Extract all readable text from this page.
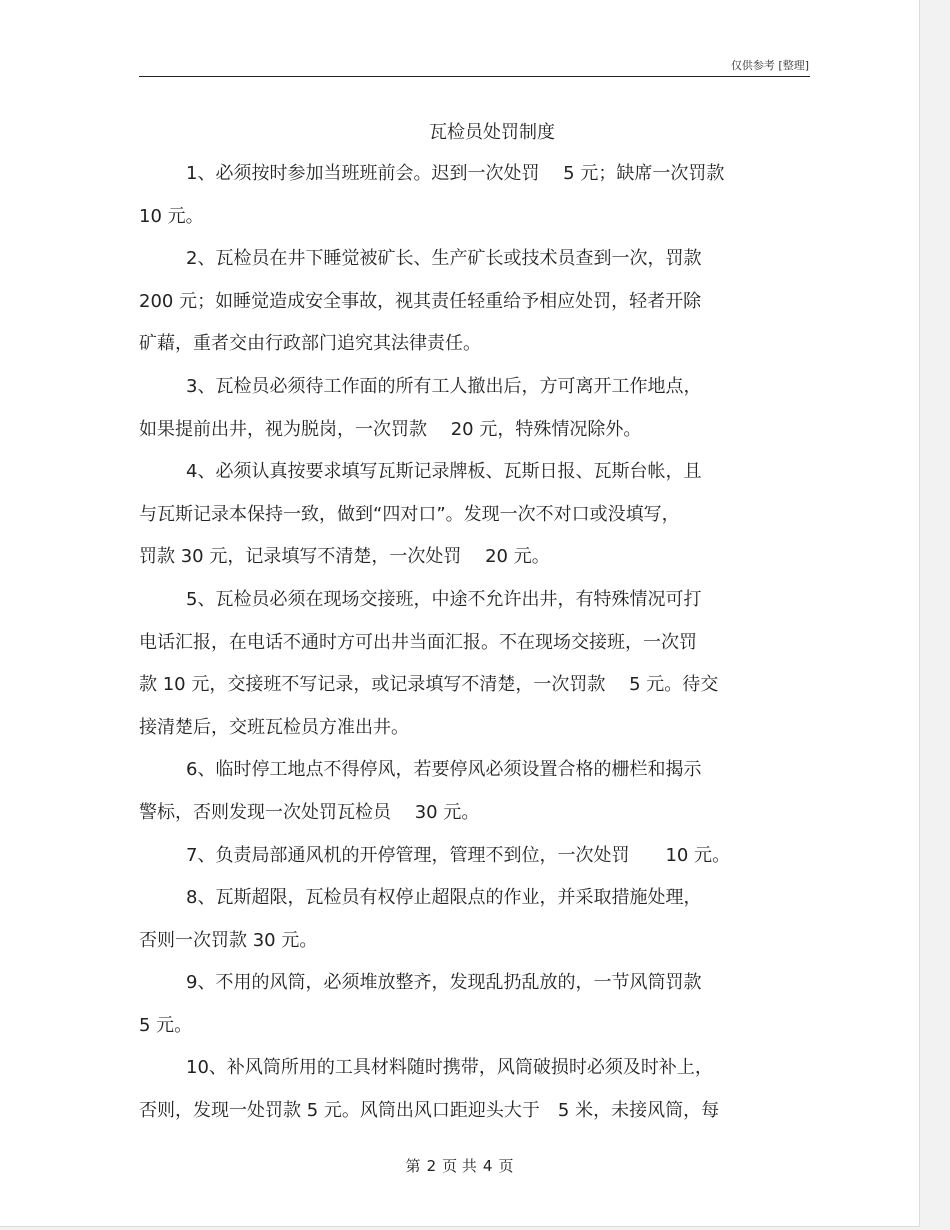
仅供参考 [整理]
瓦检员处罚制度
1、必须按时参加当班班前会。迟到一次处罚　 5 元；缺席一次罚款
10 元。
2、瓦检员在井下睡觉被矿长、生产矿长或技术员查到一次，罚款
200 元；如睡觉造成安全事故，视其责任轻重给予相应处罚，轻者开除
矿藉，重者交由行政部门追究其法律责任。
3、瓦检员必须待工作面的所有工人撤出后，方可离开工作地点，
如果提前出井，视为脱岗，一次罚款　 20 元，特殊情况除外。
4、必须认真按要求填写瓦斯记录牌板、瓦斯日报、瓦斯台帐，且
与瓦斯记录本保持一致，做到“四对口”。发现一次不对口或没填写，
罚款 30 元，记录填写不清楚，一次处罚　 20 元。
5、瓦检员必须在现场交接班，中途不允许出井，有特殊情况可打
电话汇报，在电话不通时方可出井当面汇报。不在现场交接班，一次罚
款 10 元，交接班不写记录，或记录填写不清楚，一次罚款　 5 元。待交
接清楚后，交班瓦检员方准出井。
6、临时停工地点不得停风，若要停风必须设置合格的栅栏和揭示
警标，否则发现一次处罚瓦检员　 30 元。
7、负责局部通风机的开停管理，管理不到位，一次处罚　　10 元。
8、瓦斯超限，瓦检员有权停止超限点的作业，并采取措施处理，
否则一次罚款 30 元。
9、不用的风筒，必须堆放整齐，发现乱扔乱放的，一节风筒罚款
5 元。
10、补风筒所用的工具材料随时携带，风筒破损时必须及时补上，
否则，发现一处罚款 5 元。风筒出风口距迎头大于　5 米，未接风筒，每
第 2 页 共 4 页
